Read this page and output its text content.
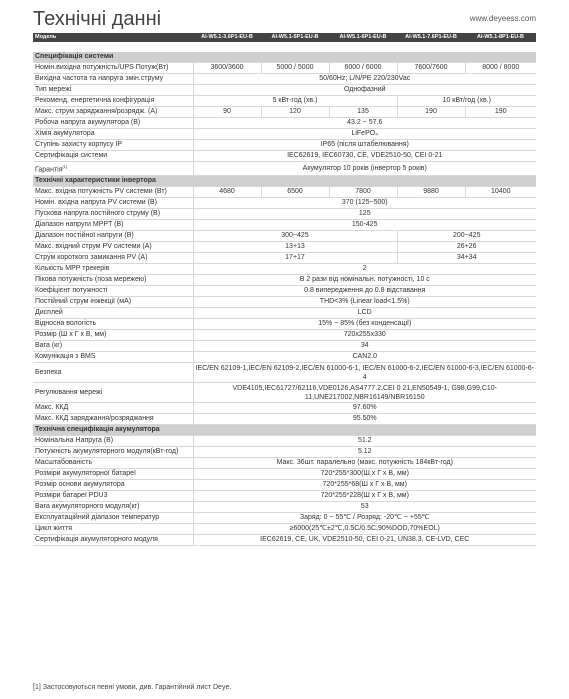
Технічні данні	www.deyeess.com
Модель	AI-W5.1-3.6P1-EU-B	AI-W5.1-5P1-EU-B	AI-W5.1-6P1-EU-B	AI-W5.1-7.6P1-EU-B	AI-W5.1-8P1-EU-B

Специфікація системи					
Номін.вихідна потужність/UPS Потуж(Вт)	3600/3600	5000 / 5000	6000 / 6000	7600/7600	8000 / 8000
Вихідна частота та напруга змін.струму	50/60Hz; L/N/PE 220/230Vac				
Тип мережі	Однофазний				
Рекоменд. енергетична конфігурація	5 кВт-год (хв.)			10 кВт/год (хв.)	
Макс. струм заряджання/розрядж. (A)	90	120	135	190	190
Робоча напруга акумулятора (В)	43.2 ~ 57.6				
Хімія акумулятора	LiFePO₄				
Ступінь захисту корпусу IP	IP65 (після штабелювання)				
Сертифікація системи	IEC62619, IEC60730, CE, VDE2510-50, CEI 0-21				
Гарантія[1]	Акумулятор 10 років (інвертор 5 років)				
Технічні характеристики інвертора					
Макс. вхідна потужність PV системи (Вт)	4680	6500	7800	9880	10400
Номін. вхідна напруга PV системи (В)	370 (125~500)				
Пускова напруга постійного струму (В)	125				
Діапазон напруги MPPT (В)	150-425				
Діапазон постійної напруги (В)	300~425			200~425	
Макс. вхідний струм PV системи (A)	13+13			26+26	
Струм короткого замикання PV (A)	17+17			34+34	
Кількість MPP трекерів	2				
Пікова потужність (поза мережею)	В 2 рази від номінальн. потужності, 10 с				
Коефіцієнт потужності	0.8 випередження до 0.8 відставання				
Постійний струм інжекції (мА)	THD<3% (Linear load<1.5%)				
Дисплей	LCD				
Відносна вологість	15% ~ 85% (без конденсації)				
Розмір (Ш х Г х В, мм)	720x255x330				
Вага (кг)	34				
Комунікація з BMS	CAN2.0				
Безпека	IEC/EN 62109-1,IEC/EN 62109-2,IEC/EN 61000-6-1, IEC/EN 61000-6-2,IEC/EN 61000-6-3,IEC/EN 61000-6-4				
Регулювання мережі	VDE4105,IEC61727/62116,VDE0126,AS4777.2,CEI 0 21,EN50549-1, G98,G99,C10-11,UNE217002,NBR16149/NBR16150				
Макс. ККД	97.60%				
Макс. ККД заряджання/розряджання	95.50%				
Технічна специфікація акумулятора					
Номінальна Напруга (В)	51.2				
Потужність акумуляторного модуля(кВт-год)	5.12				
Масштабованість	Макс. 36шт. паралельно (макс. потужність 184кВт-год)				
Розміри акумуляторної батареї	720*255*300(Ш х Г х В, мм)				
Розмір основи акумулятора	720*255*68(Ш х Г х В, мм)				
Розміри батареї PDU3	720*255*228(Ш х Г х В, мм)				
Вага акумуляторного модуля(кг)	53				
Експлуатаційний діапазон температур	Заряд: 0 ~ 55℃ / Розряд: -20℃ ~ +55℃				
Цикл життя	≥6000(25℃±2℃,0.5C/0.5C,90%DOD,70%EOL)				
Сертифікація акумуляторного модуля	IEC62619, CE, UK, VDE2510-50, CEI 0-21, UN38.3, CE-LVD, CEC				
[1] Застосовуються певні умови, див. Гарантійний лист Deye.
